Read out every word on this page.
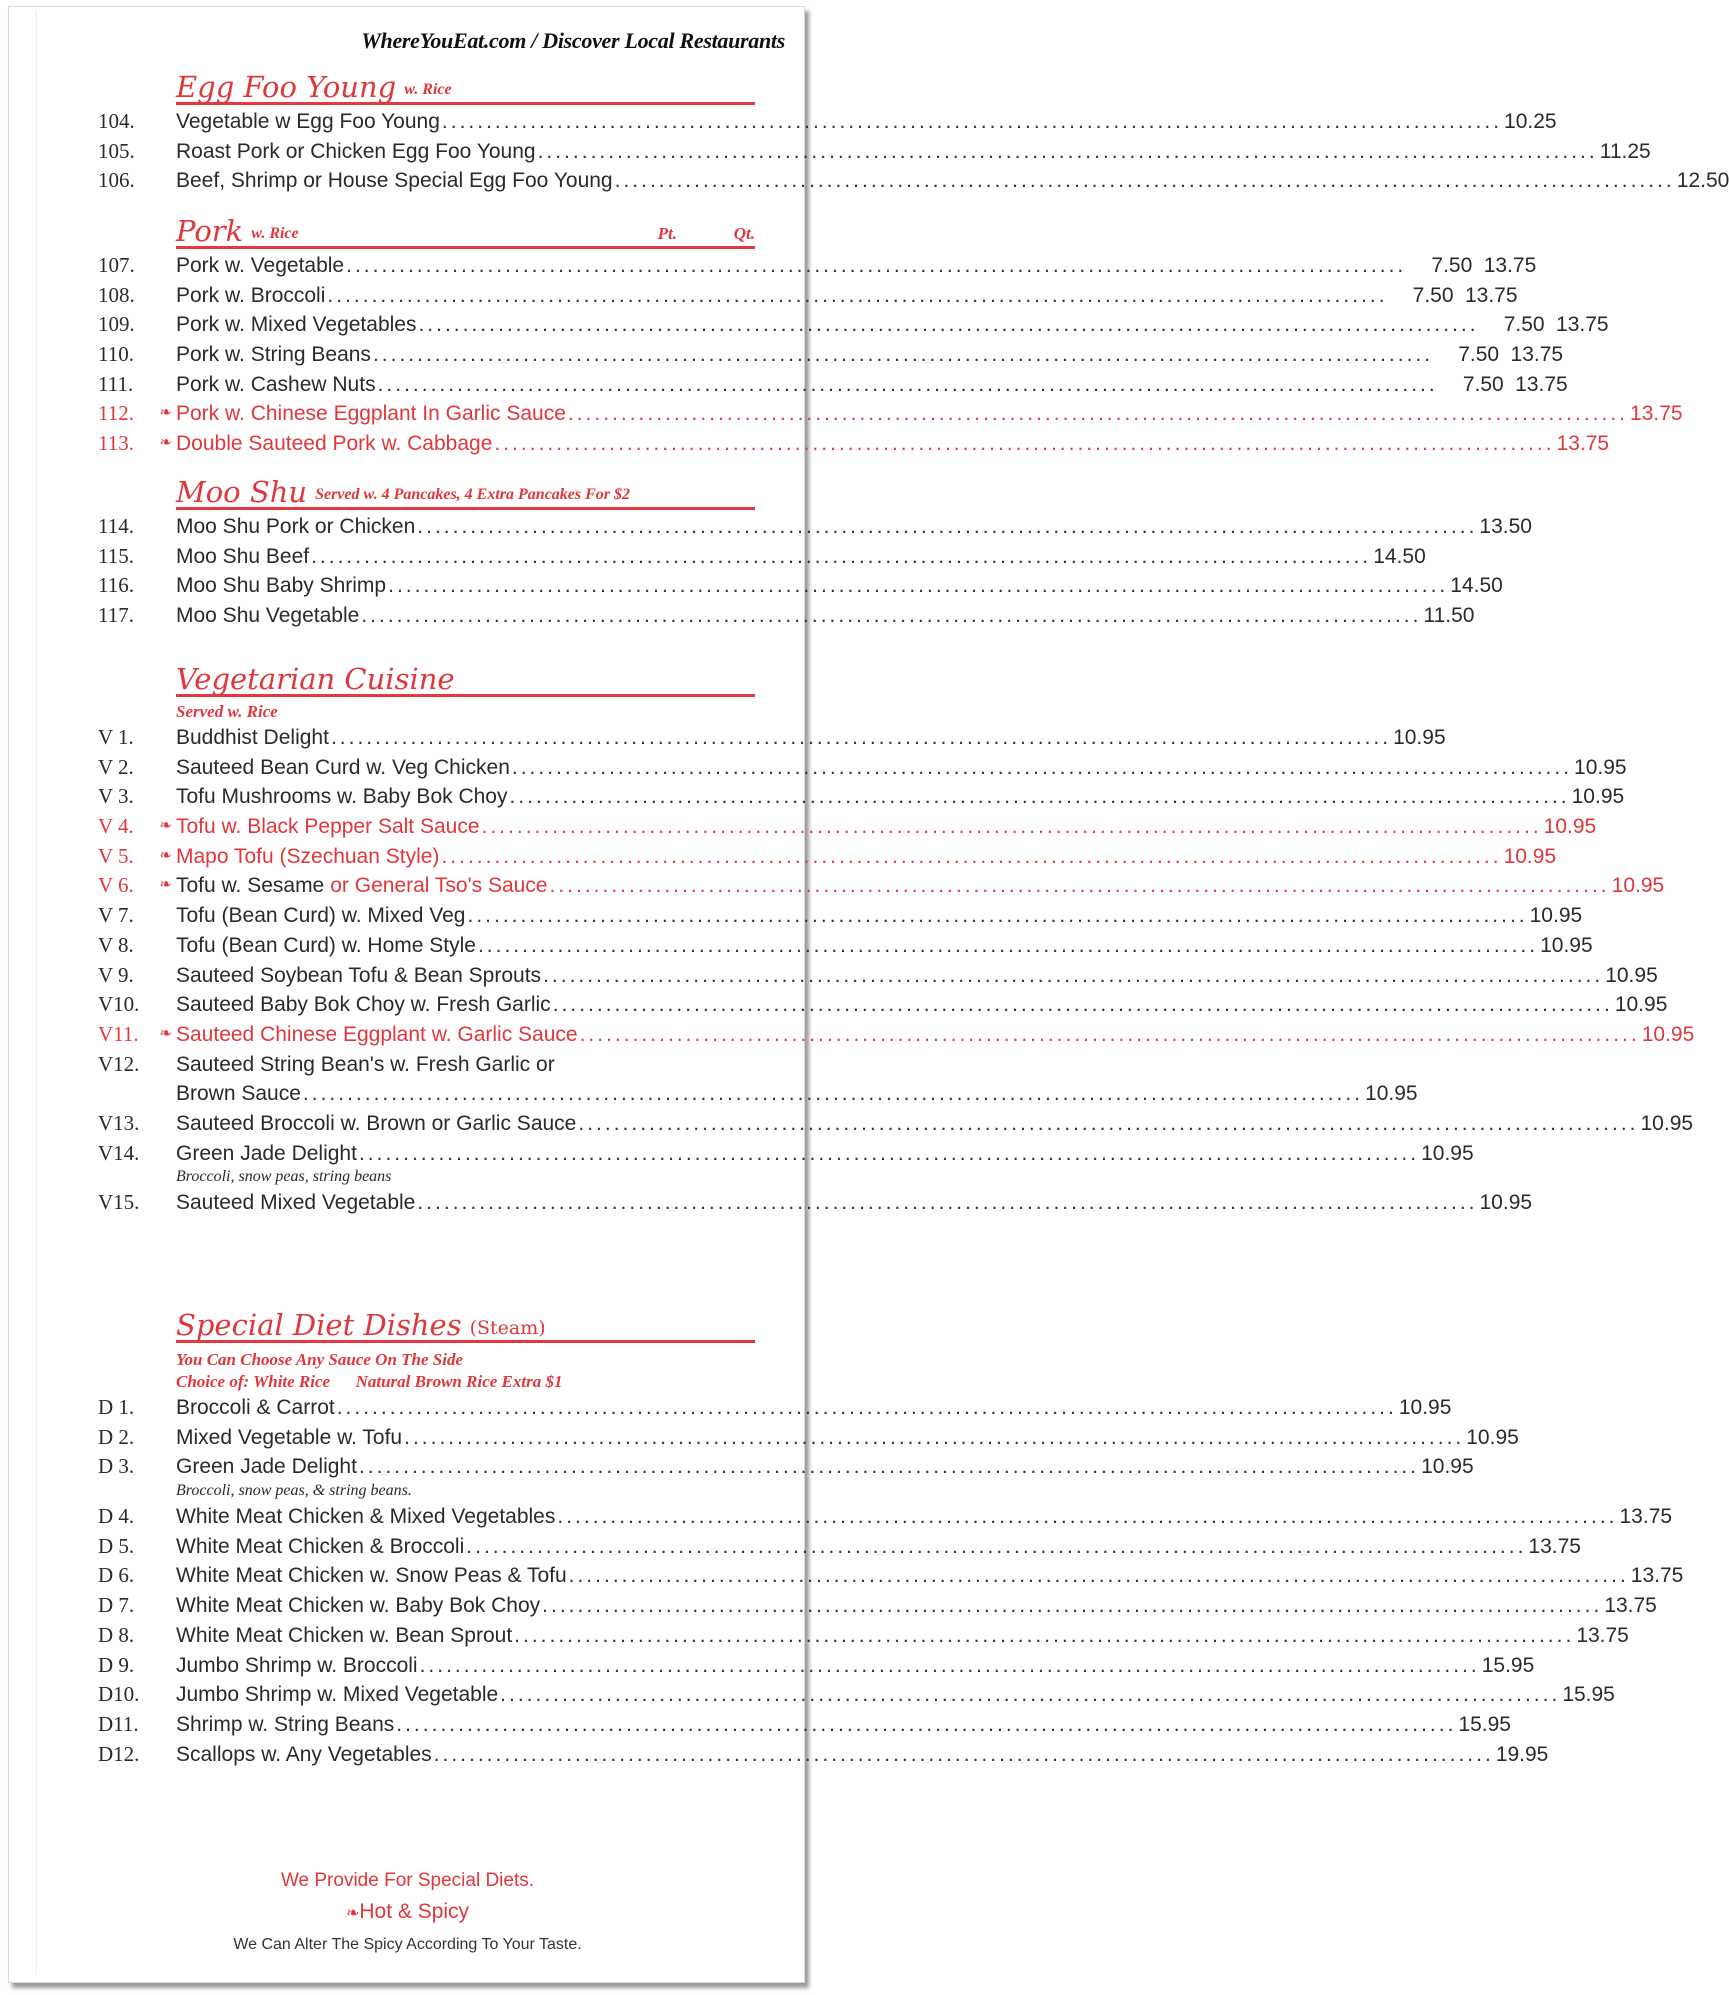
WhereYouEat.com / Discover Local Restaurants
Egg Foo Young w. Rice
104.	Vegetable w Egg Foo Young ........................................................................................................................ 10.25
105.	Roast Pork or Chicken Egg Foo Young ........................................................................................................................ 11.25
106.	Beef, Shrimp or House Special Egg Foo Young ........................................................................................................................ 12.50
Pork w. Rice	Pt.	Qt.
107.	Pork w. Vegetable ........................................................................................................................	7.50 13.75
108.	Pork w. Broccoli ........................................................................................................................	7.50 13.75
109.	Pork w. Mixed Vegetables ........................................................................................................................	7.50 13.75
110.	Pork w. String Beans ........................................................................................................................	7.50 13.75
111.	Pork w. Cashew Nuts ........................................................................................................................	7.50 13.75
112. ❧ Pork w. Chinese Eggplant In Garlic Sauce ........................................................................................................................ 13.75
113. ❧ Double Sauteed Pork w. Cabbage ........................................................................................................................ 13.75
Moo Shu Served w. 4 Pancakes, 4 Extra Pancakes For $2
114.	Moo Shu Pork or Chicken ........................................................................................................................ 13.50
115.	Moo Shu Beef ........................................................................................................................ 14.50
116.	Moo Shu Baby Shrimp ........................................................................................................................ 14.50
117.	Moo Shu Vegetable ........................................................................................................................ 11.50
Vegetarian Cuisine
Served w. Rice
V 1.	Buddhist Delight ........................................................................................................................ 10.95
V 2.	Sauteed Bean Curd w. Veg Chicken ........................................................................................................................ 10.95
V 3.	Tofu Mushrooms w. Baby Bok Choy ........................................................................................................................ 10.95
V 4. ❧ Tofu w. Black Pepper Salt Sauce ........................................................................................................................ 10.95
V 5. ❧ Mapo Tofu (Szechuan Style) ........................................................................................................................ 10.95
V 6. ❧ Tofu w. Sesame or General Tso's Sauce ........................................................................................................................ 10.95
V 7.	Tofu (Bean Curd) w. Mixed Veg ........................................................................................................................ 10.95
V 8.	Tofu (Bean Curd) w. Home Style ........................................................................................................................ 10.95
V 9.	Sauteed Soybean Tofu & Bean Sprouts ........................................................................................................................ 10.95
V10.	Sauteed Baby Bok Choy w. Fresh Garlic ........................................................................................................................ 10.95
V11. ❧ Sauteed Chinese Eggplant w. Garlic Sauce ........................................................................................................................ 10.95
V12.	Sauteed String Bean's w. Fresh Garlic or
Brown Sauce ........................................................................................................................ 10.95
V13.	Sauteed Broccoli w. Brown or Garlic Sauce ........................................................................................................................ 10.95
V14.	Green Jade Delight ........................................................................................................................ 10.95
Broccoli, snow peas, string beans
V15.	Sauteed Mixed Vegetable ........................................................................................................................ 10.95
Special Diet Dishes (Steam)
You Can Choose Any Sauce On The Side
Choice of: White Rice      Natural Brown Rice Extra $1
D 1.	Broccoli & Carrot ........................................................................................................................ 10.95
D 2.	Mixed Vegetable w. Tofu ........................................................................................................................ 10.95
D 3.	Green Jade Delight ........................................................................................................................ 10.95
Broccoli, snow peas, & string beans.
D 4.	White Meat Chicken & Mixed Vegetables ........................................................................................................................ 13.75
D 5.	White Meat Chicken & Broccoli ........................................................................................................................ 13.75
D 6.	White Meat Chicken w. Snow Peas & Tofu ........................................................................................................................ 13.75
D 7.	White Meat Chicken w. Baby Bok Choy ........................................................................................................................ 13.75
D 8.	White Meat Chicken w. Bean Sprout ........................................................................................................................ 13.75
D 9.	Jumbo Shrimp w. Broccoli ........................................................................................................................ 15.95
D10.	Jumbo Shrimp w. Mixed Vegetable ........................................................................................................................ 15.95
D11.	Shrimp w. String Beans ........................................................................................................................ 15.95
D12.	Scallops w. Any Vegetables ........................................................................................................................ 19.95
We Provide For Special Diets.
❧Hot & Spicy
We Can Alter The Spicy According To Your Taste.
